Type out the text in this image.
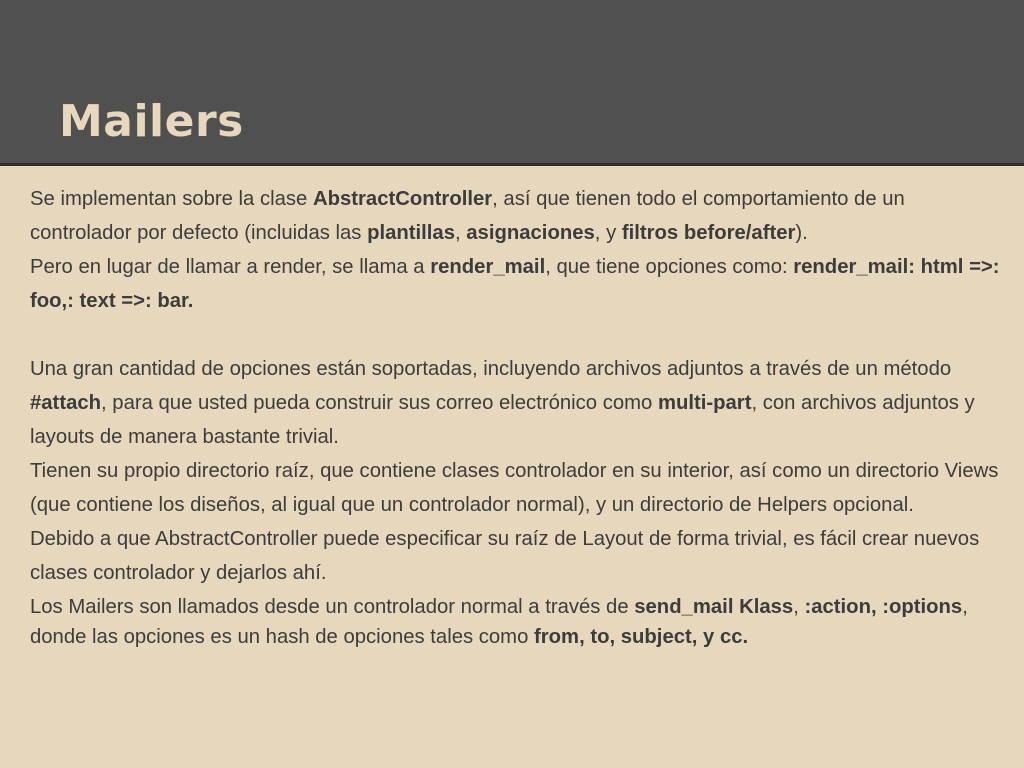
Mailers

Se implementan sobre la clase AbstractController, así que tienen todo el comportamiento de un controlador por defecto (incluidas las plantillas, asignaciones, y filtros before/after).

Pero en lugar de llamar a render, se llama a render_mail, que tiene opciones como: render_mail: html =>: foo,: text =>: bar.

Una gran cantidad de opciones están soportadas, incluyendo archivos adjuntos a través de un método #attach, para que usted pueda construir sus correo electrónico como multi-part, con archivos adjuntos y layouts de manera bastante trivial.

Tienen su propio directorio raíz, que contiene clases controlador en su interior, así como un directorio Views (que contiene los diseños, al igual que un controlador normal), y un directorio de Helpers opcional.

Debido a que AbstractController puede especificar su raíz de Layout de forma trivial, es fácil crear nuevos clases controlador y dejarlos ahí.

Los Mailers son llamados desde un controlador normal a través de send_mail Klass, :action, :options, donde las opciones es un hash de opciones tales como from, to, subject, y cc.
